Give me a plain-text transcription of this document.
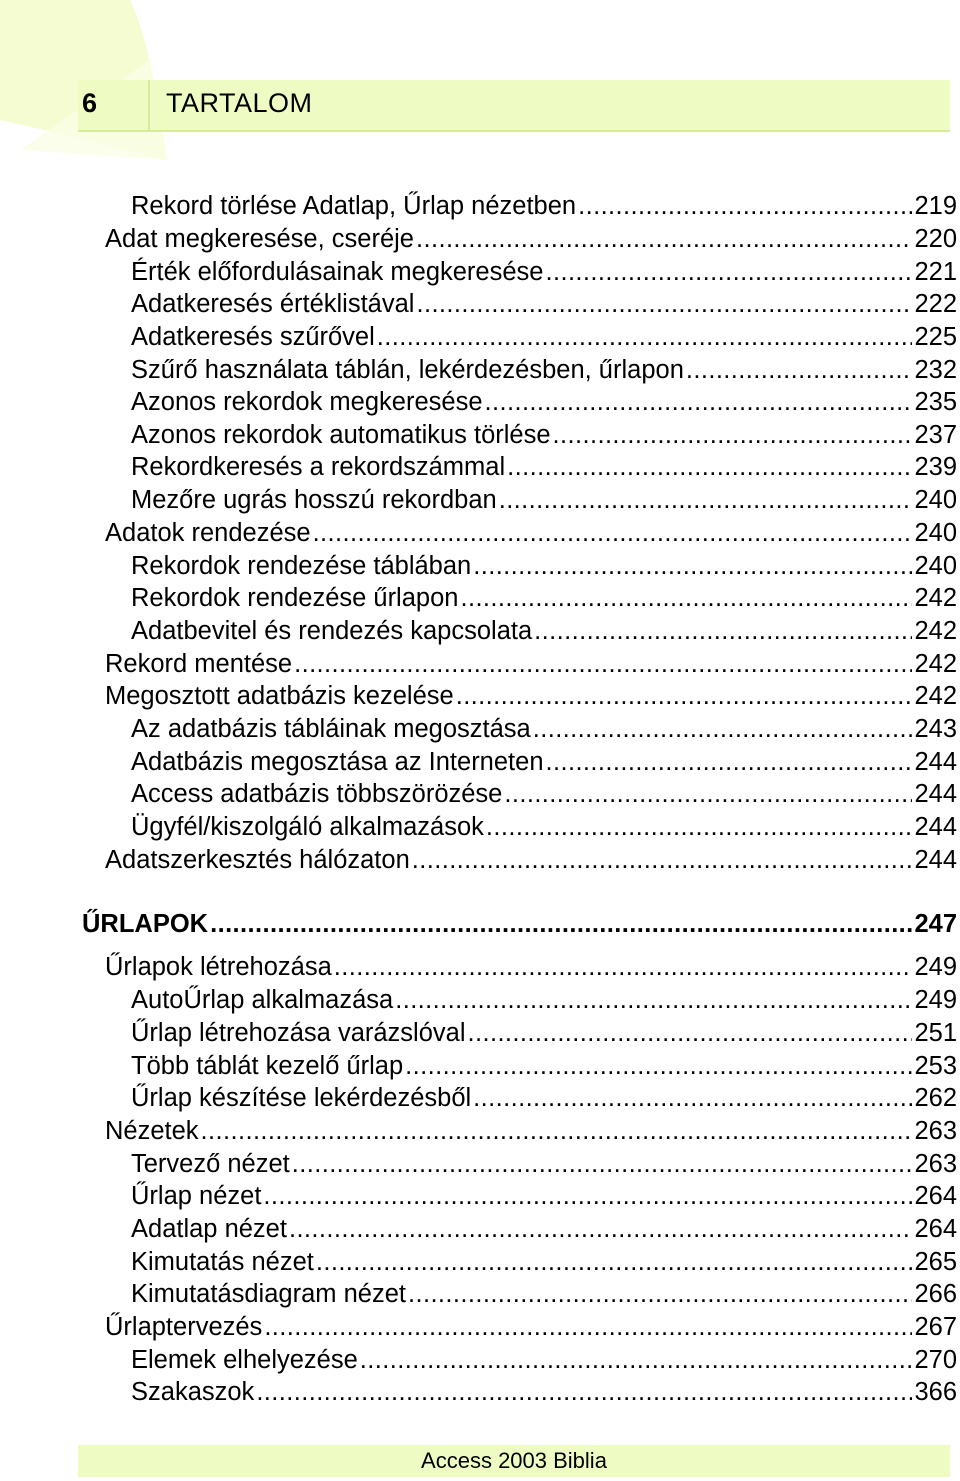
6	TARTALOM
Rekord törlése Adatlap, Űrlap nézetben .....	219
Adat megkeresése, cseréje .....	220
Érték előfordulásainak megkeresése .....	221
Adatkeresés értéklistával .....	222
Adatkeresés szűrővel .....	225
Szűrő használata táblán, lekérdezésben, űrlapon .....	232
Azonos rekordok megkeresése .....	235
Azonos rekordok automatikus törlése .....	237
Rekordkeresés a rekordszámmal .....	239
Mezőre ugrás hosszú rekordban .....	240
Adatok rendezése .....	240
Rekordok rendezése táblában .....	240
Rekordok rendezése űrlapon .....	242
Adatbevitel és rendezés kapcsolata .....	242
Rekord mentése .....	242
Megosztott adatbázis kezelése .....	242
Az adatbázis tábláinak megosztása .....	243
Adatbázis megosztása az Interneten .....	244
Access adatbázis többszörözése .....	244
Ügyfél/kiszolgáló alkalmazások .....	244
Adatszerkesztés hálózaton .....	244
ŰRLAPOK .....	247
Űrlapok létrehozása .....	249
AutoŰrlap alkalmazása .....	249
Űrlap létrehozása varázslóval .....	251
Több táblát kezelő űrlap .....	253
Űrlap készítése lekérdezésből .....	262
Nézetek .....	263
Tervező nézet .....	263
Űrlap nézet .....	264
Adatlap nézet .....	264
Kimutatás nézet .....	265
Kimutatásdiagram nézet .....	266
Űrlaptervezés .....	267
Elemek elhelyezése .....	270
Szakaszok .....	366
Access 2003 Biblia
